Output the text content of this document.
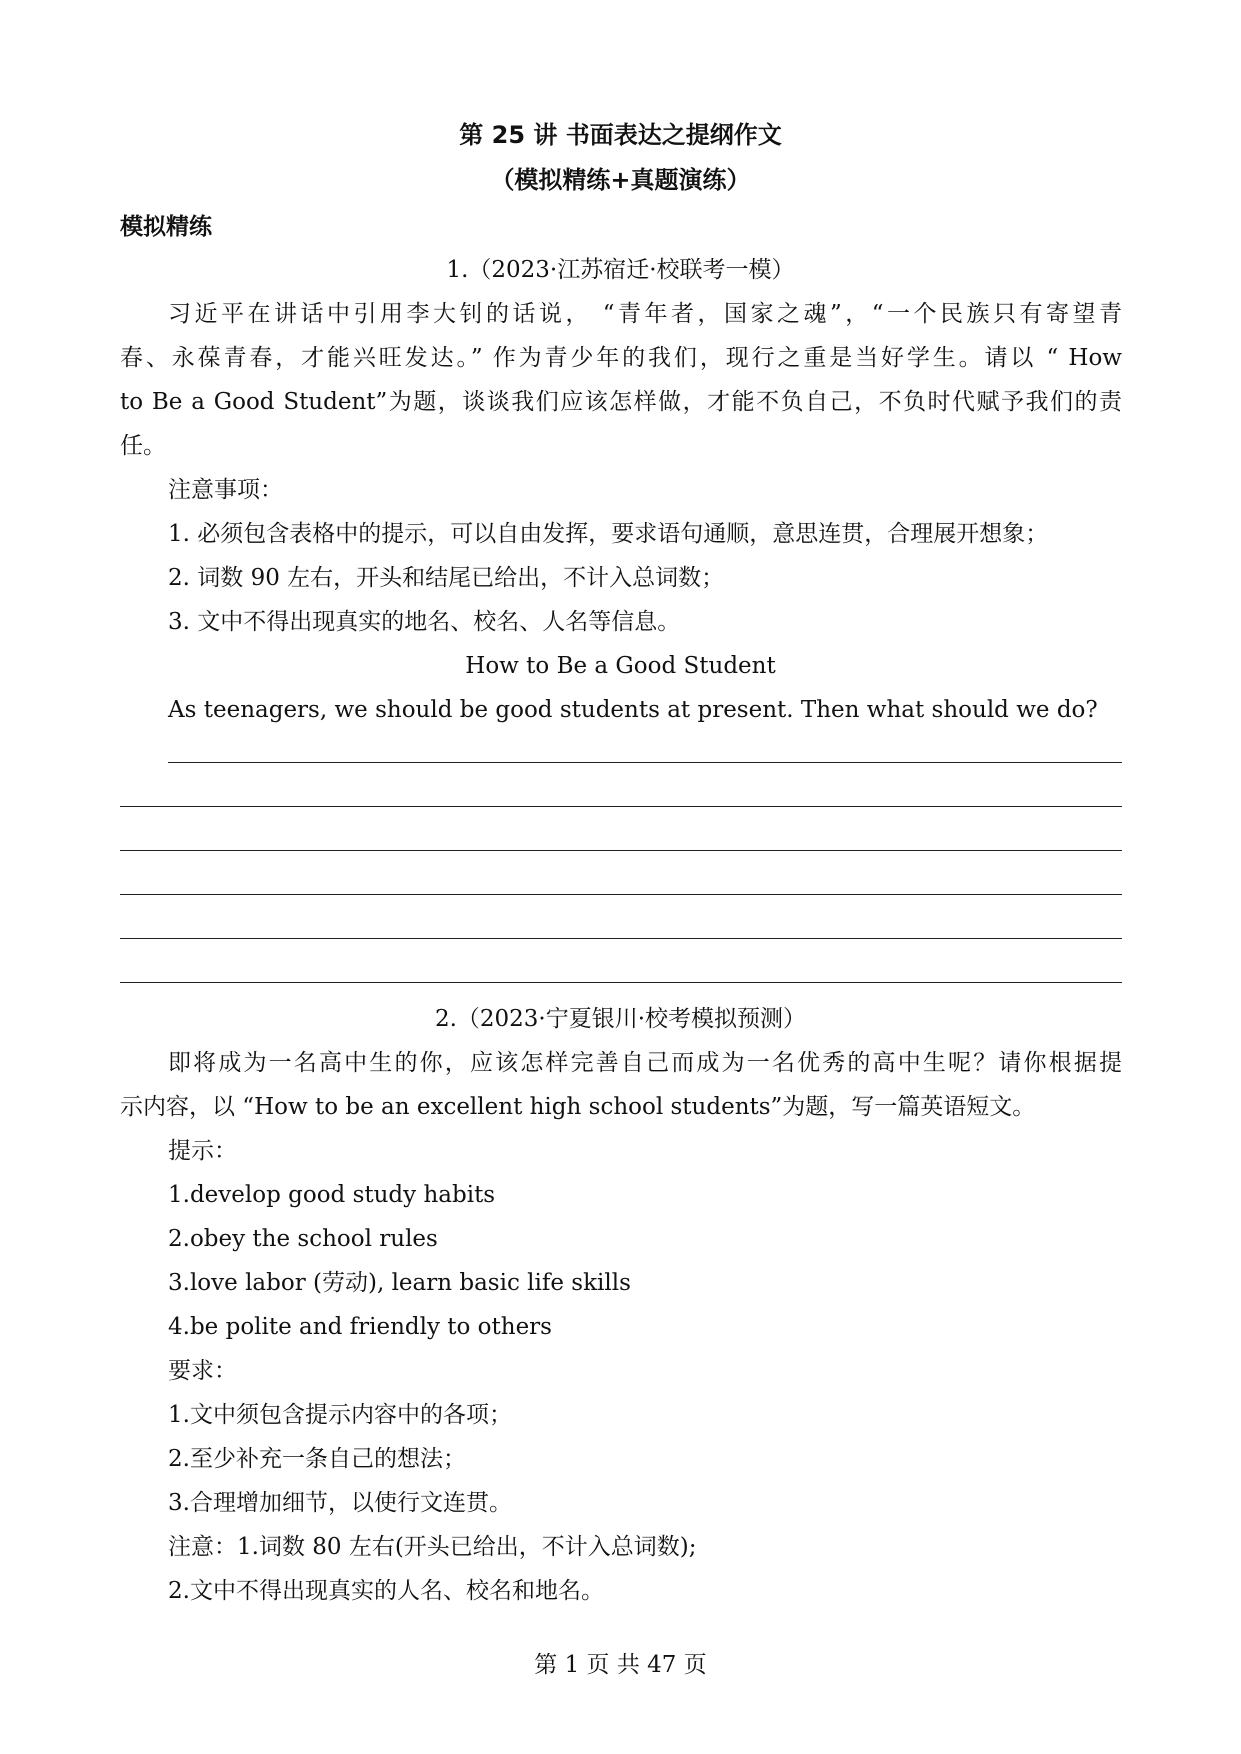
第 25 讲 书面表达之提纲作文
（模拟精练+真题演练）
模拟精练
1.（2023·江苏宿迁·校联考一模）
习近平在讲话中引用李大钊的话说， “青年者，国家之魂”，“一个民族只有寄望青
春、永葆青春，才能兴旺发达。” 作为青少年的我们，现行之重是当好学生。请以 “ How
to Be a Good Student”为题，谈谈我们应该怎样做，才能不负自己，不负时代赋予我们的责
任。
注意事项：
1. 必须包含表格中的提示，可以自由发挥，要求语句通顺，意思连贯，合理展开想象；
2. 词数 90 左右，开头和结尾已给出，不计入总词数；
3. 文中不得出现真实的地名、校名、人名等信息。
How to Be a Good Student
As teenagers, we should be good students at present. Then what should we do?
2.（2023·宁夏银川·校考模拟预测）
即将成为一名高中生的你，应该怎样完善自己而成为一名优秀的高中生呢？请你根据提
示内容，以 “How to be an excellent high school students”为题，写一篇英语短文。
提示：
1.develop good study habits
2.obey the school rules
3.love labor (劳动), learn basic life skills
4.be polite and friendly to others
要求：
1.文中须包含提示内容中的各项；
2.至少补充一条自己的想法；
3.合理增加细节，以使行文连贯。
注意：1.词数 80 左右(开头已给出，不计入总词数);
2.文中不得出现真实的人名、校名和地名。
第 1 页 共 47 页
